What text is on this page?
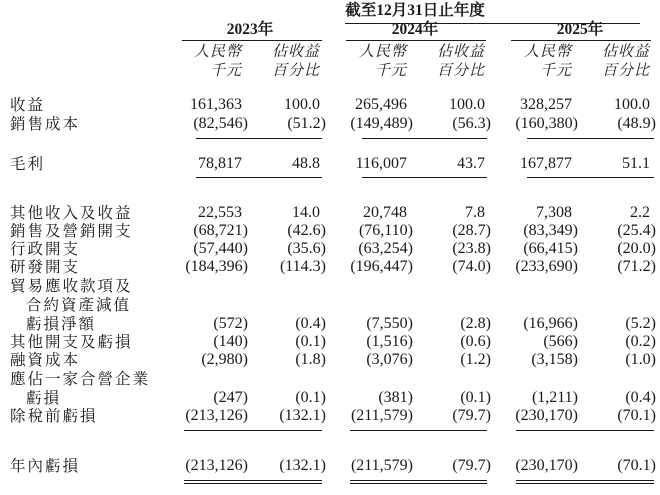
截至12月31日止年度
2023年	2024年	2025年
人民幣
千元
佔收益
百分比
人民幣
千元
佔收益
百分比
人民幣
千元
佔收益
百分比
收益	161,363	100.0 265,496	100.0 328,257	100.0
銷售成本	(82,546) (51.2) (149,489) (56.3) (160,380) (48.9)
毛利	78,817	48.8 116,007	43.7 167,877	51.1
其他收入及收益	22,553	14.0	20,748	7.8	7,308	2.2
銷售及營銷開支	(68,721) (42.6) (76,110) (28.7) (83,349) (25.4)
行政開支	(57,440) (35.6) (63,254) (23.8) (66,415) (20.0)
研發開支	(184,396) (114.3) (196,447) (74.0) (233,690) (71.2)
貿易應收款項及
合約資產減值
虧損淨額	(572)	(0.4)	(7,550)	(2.8) (16,966)	(5.2)
其他開支及虧損	(140)	(0.1)	(1,516)	(0.6)	(566)	(0.2)
融資成本	(2,980)	(1.8)	(3,076)	(1.2)	(3,158)	(1.0)
應佔一家合營企業
虧損	(247)	(0.1)	(381)	(0.1)	(1,211)	(0.4)
除稅前虧損	(213,126) (132.1) (211,579) (79.7) (230,170) (70.1)
年內虧損	(213,126) (132.1) (211,579) (79.7) (230,170) (70.1)
